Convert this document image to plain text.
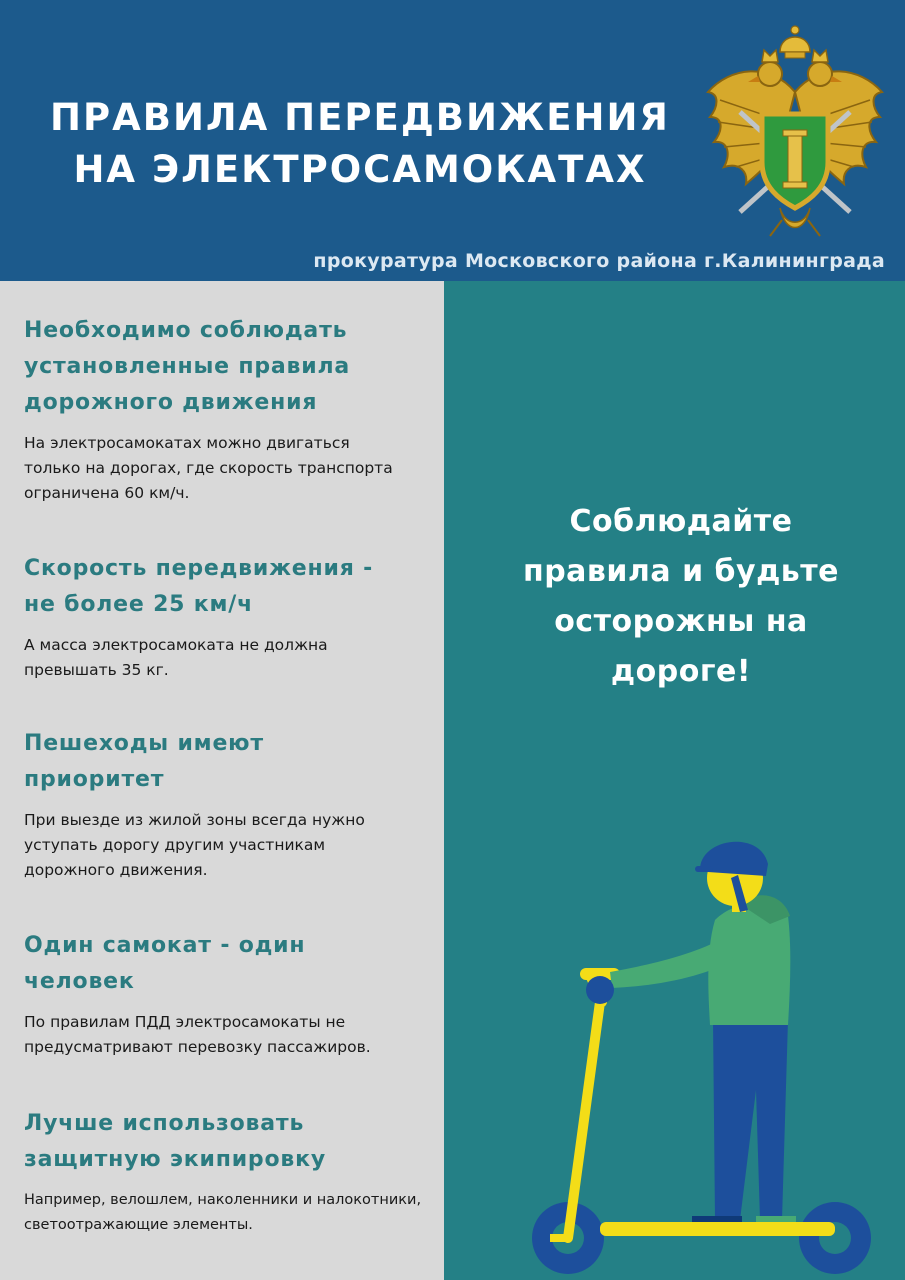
ПРАВИЛА ПЕРЕДВИЖЕНИЯ
НА ЭЛЕКТРОСАМОКАТАХ
прокуратура Московского района г.Калининграда
Необходимо соблюдать
установленные правила
дорожного движения

На электросамокатах можно двигаться
только на дорогах, где скорость транспорта
ограничена 60 км/ч.

Скорость передвижения -
не более 25 км/ч

А масса электросамоката не должна
превышать 35 кг.

Пешеходы имеют
приоритет

При выезде из жилой зоны всегда нужно
уступать дорогу другим участникам
дорожного движения.

Один самокат - один
человек

По правилам ПДД электросамокаты не
предусматривают перевозку пассажиров.

Лучше использовать
защитную экипировку

Например, велошлем, наколенники и налокотники,
светоотражающие элементы.

Соблюдайте
правила и будьте
осторожны на
дороге!
